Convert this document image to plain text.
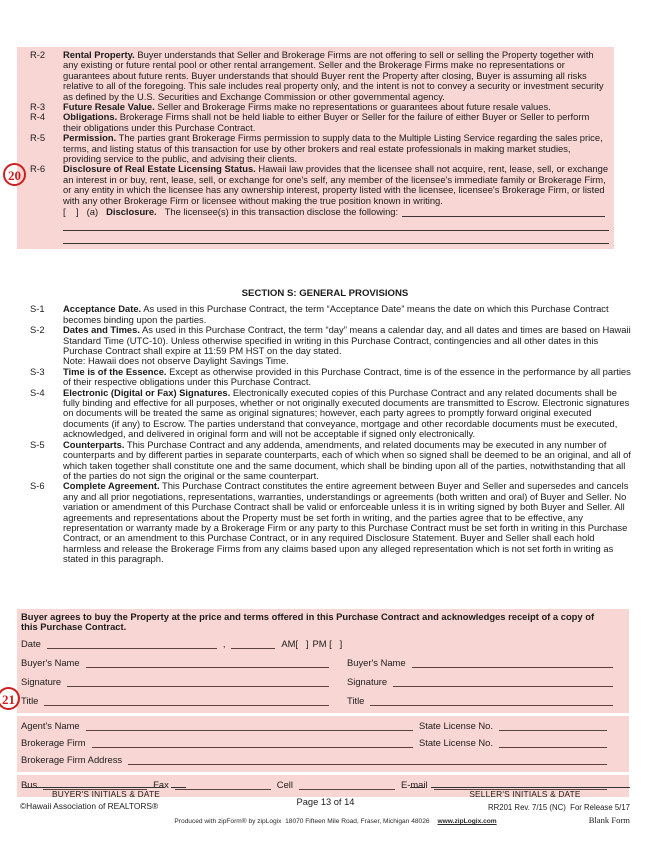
R-2	Rental Property. Buyer understands that Seller and Brokerage Firms are not offering to sell or selling the Property together with any existing or future rental pool or other rental arrangement. Seller and the Brokerage Firms make no representations or guarantees about future rents. Buyer understands that should Buyer rent the Property after closing, Buyer is assuming all risks relative to all of the foregoing. This sale includes real property only, and the intent is not to convey a security or investment security as defined by the U.S. Securities and Exchange Commission or other governmental agency.
R-3	Future Resale Value. Seller and Brokerage Firms make no representations or guarantees about future resale values.
R-4	Obligations. Brokerage Firms shall not be held liable to either Buyer or Seller for the failure of either Buyer or Seller to perform their obligations under this Purchase Contract.
R-5	Permission. The parties grant Brokerage Firms permission to supply data to the Multiple Listing Service regarding the sales price, terms, and listing status of this transaction for use by other brokers and real estate professionals in making market studies, providing service to the public, and advising their clients.
R-6	Disclosure of Real Estate Licensing Status. Hawaii law provides that the licensee shall not acquire, rent, lease, sell, or exchange an interest in or buy, rent, lease, sell, or exchange for one's self, any member of the licensee's immediate family or Brokerage Firm, or any entity in which the licensee has any ownership interest, property listed with the licensee, licensee's Brokerage Firm, or listed with any other Brokerage Firm or licensee without making the true position known in writing.
[    ] (a) Disclosure. The licensee(s) in this transaction disclose the following:
SECTION S: GENERAL PROVISIONS
S-1	Acceptance Date. As used in this Purchase Contract, the term “Acceptance Date” means the date on which this Purchase Contract becomes binding upon the parties.
S-2	Dates and Times. As used in this Purchase Contract, the term “day” means a calendar day, and all dates and times are based on Hawaii Standard Time (UTC-10). Unless otherwise specified in writing in this Purchase Contract, contingencies and all other dates in this Purchase Contract shall expire at 11:59 PM HST on the day stated.
Note: Hawaii does not observe Daylight Savings Time.
S-3	Time is of the Essence. Except as otherwise provided in this Purchase Contract, time is of the essence in the performance by all parties of their respective obligations under this Purchase Contract.
S-4	Electronic (Digital or Fax) Signatures. Electronically executed copies of this Purchase Contract and any related documents shall be fully binding and effective for all purposes, whether or not originally executed documents are transmitted to Escrow. Electronic signatures on documents will be treated the same as original signatures; however, each party agrees to promptly forward original executed documents (if any) to Escrow. The parties understand that conveyance, mortgage and other recordable documents must be executed, acknowledged, and delivered in original form and will not be acceptable if signed only electronically.
S-5	Counterparts. This Purchase Contract and any addenda, amendments, and related documents may be executed in any number of counterparts and by different parties in separate counterparts, each of which when so signed shall be deemed to be an original, and all of which taken together shall constitute one and the same document, which shall be binding upon all of the parties, notwithstanding that all of the parties do not sign the original or the same counterpart.
S-6	Complete Agreement. This Purchase Contract constitutes the entire agreement between Buyer and Seller and supersedes and cancels any and all prior negotiations, representations, warranties, understandings or agreements (both written and oral) of Buyer and Seller. No variation or amendment of this Purchase Contract shall be valid or enforceable unless it is in writing signed by both Buyer and Seller. All agreements and representations about the Property must be set forth in writing, and the parties agree that to be effective, any representation or warranty made by a Brokerage Firm or any party to this Purchase Contract must be set forth in writing in this Purchase Contract, or an amendment to this Purchase Contract, or in any required Disclosure Statement. Buyer and Seller shall each hold harmless and release the Brokerage Firms from any claims based upon any alleged representation which is not set forth in writing as stated in this paragraph.
Buyer agrees to buy the Property at the price and terms offered in this Purchase Contract and acknowledges receipt of a copy of this Purchase Contract.
Date	,	AM[   ] PM [   ]
Buyer's Name	Buyer's Name
Signature	Signature
Title	Title
Agent's Name	State License No.
Brokerage Firm	State License No.
Brokerage Firm Address
Bus	Fax	Cell	E-mail
BUYER'S INITIALS & DATE
©Hawaii Association of REALTORS®	Page 13 of 14
SELLER'S INITIALS & DATE
RR201 Rev. 7/15 (NC)  For Release 5/17
Produced with zipForm® by zipLogix  18070 Fifteen Mile Road, Fraser, Michigan 48026 www.zipLogix.com	Blank Form
20
21
